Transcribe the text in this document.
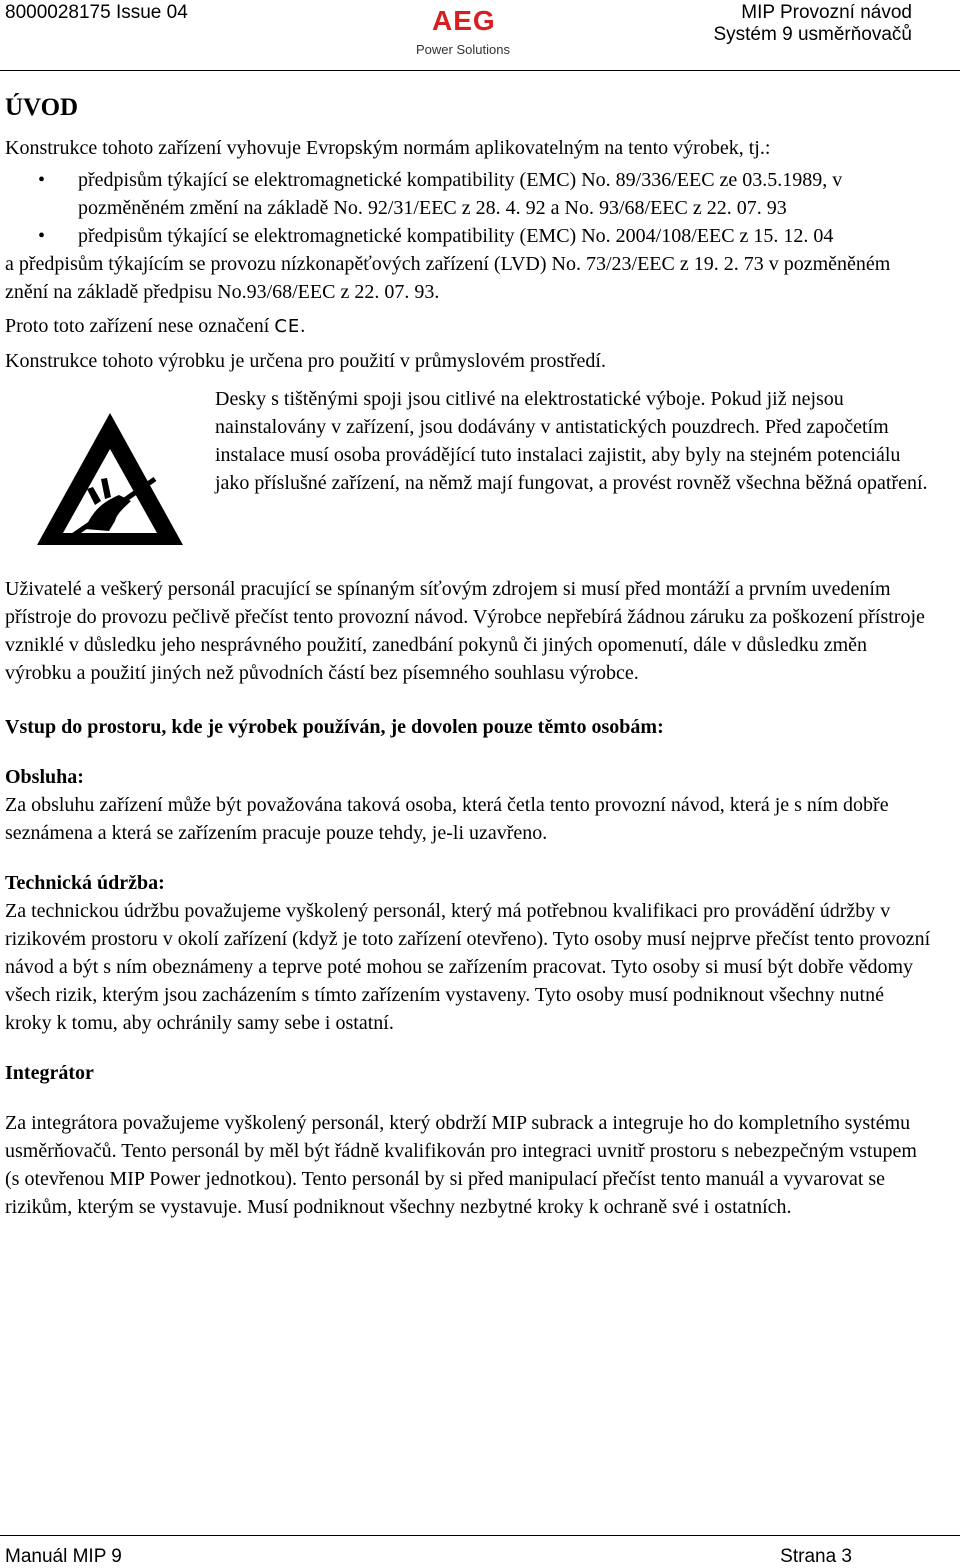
8000028175 Issue 04	AEG
Power Solutions
MIP Provozní návod
Systém 9 usměrňovačů
ÚVOD

Konstrukce tohoto zařízení vyhovuje Evropským normám aplikovatelným na tento výrobek, tj.:

• předpisům týkající se elektromagnetické kompatibility (EMC) No. 89/336/EEC ze 03.5.1989, v pozměněném změní na základě No. 92/31/EEC z 28. 4. 92 a No. 93/68/EEC z 22. 07. 93
• předpisům týkající se elektromagnetické kompatibility (EMC) No. 2004/108/EEC z 15. 12. 04

a předpisům týkajícím se provozu nízkonapěťových zařízení (LVD) No. 73/23/EEC z 19. 2. 73 v pozměněném znění na základě předpisu No.93/68/EEC z 22. 07. 93.

Proto toto zařízení nese označení CE.

Konstrukce tohoto výrobku je určena pro použití v průmyslovém prostředí.

Desky s tištěnými spoji jsou citlivé na elektrostatické výboje. Pokud již nejsou nainstalovány v zařízení, jsou dodávány v antistatických pouzdrech. Před započetím instalace musí osoba provádějící tuto instalaci zajistit, aby byly na stejném potenciálu jako příslušné zařízení, na němž mají fungovat, a provést rovněž všechna běžná opatření.

Uživatelé a veškerý personál pracující se spínaným síťovým zdrojem si musí před montáží a prvním uvedením přístroje do provozu pečlivě přečíst tento provozní návod. Výrobce nepřebírá žádnou záruku za poškození přístroje vzniklé v důsledku jeho nesprávného použití, zanedbání pokynů či jiných opomenutí, dále v důsledku změn výrobku a použití jiných než původních částí bez písemného souhlasu výrobce.

Vstup do prostoru, kde je výrobek používán, je dovolen pouze těmto osobám:

Obsluha:

Za obsluhu zařízení může být považována taková osoba, která četla tento provozní návod, která je s ním dobře seznámena a která se zařízením pracuje pouze tehdy, je-li uzavřeno.

Technická údržba:

Za technickou údržbu považujeme vyškolený personál, který má potřebnou kvalifikaci pro provádění údržby v rizikovém prostoru v okolí zařízení (když je toto zařízení otevřeno). Tyto osoby musí nejprve přečíst tento provozní návod a být s ním obeznámeny a teprve poté mohou se zařízením pracovat. Tyto osoby si musí být dobře vědomy všech rizik, kterým jsou zacházením s tímto zařízením vystaveny. Tyto osoby musí podniknout všechny nutné kroky k tomu, aby ochránily samy sebe i ostatní.

Integrátor

Za integrátora považujeme vyškolený personál, který obdrží MIP subrack a integruje ho do kompletního systému usměrňovačů. Tento personál by měl být řádně kvalifikován pro integraci uvnitř prostoru s nebezpečným vstupem (s otevřenou MIP Power jednotkou). Tento personál by si před manipulací přečíst tento manuál a vyvarovat se rizikům, kterým se vystavuje. Musí podniknout všechny nezbytné kroky k ochraně své i ostatních.

Manuál MIP 9	Strana 3
